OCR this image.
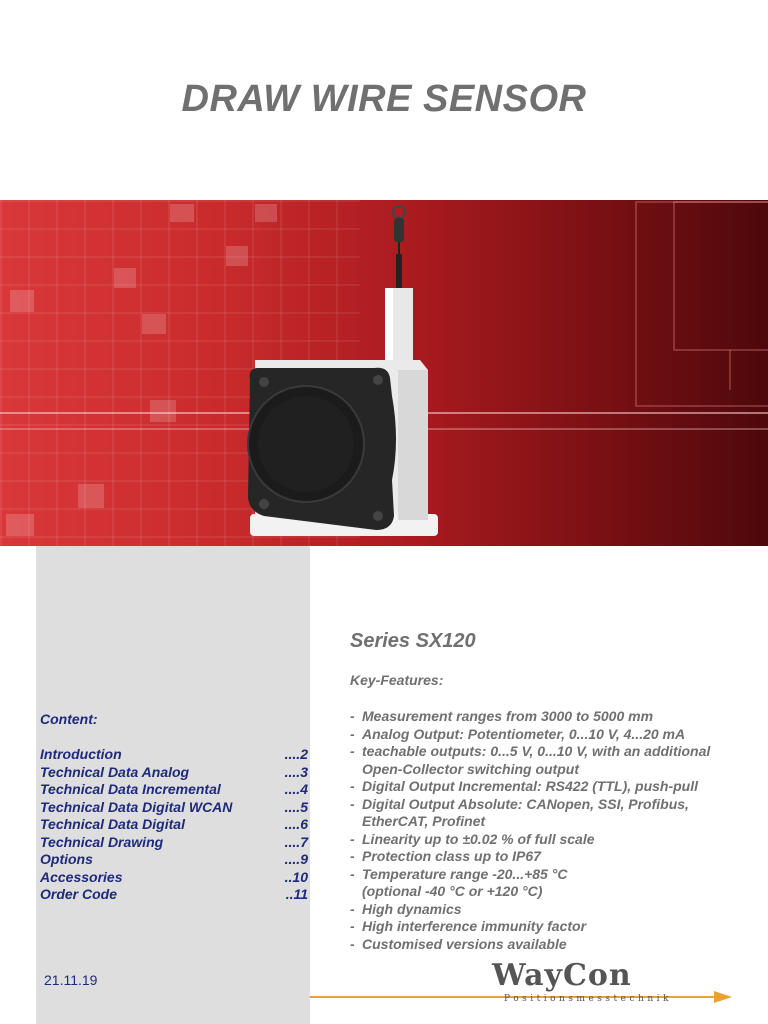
DRAW WIRE SENSOR
Content:
Introduction	....2
Technical Data Analog	....3
Technical Data Incremental	....4
Technical Data Digital WCAN	....5
Technical Data Digital	....6
Technical Drawing	....7
Options	....9
Accessories	..10
Order Code	..11
21.11.19
Series SX120
Key-Features:
- Measurement ranges from 3000 to 5000 mm
- Analog Output: Potentiometer, 0...10 V, 4...20 mA
- teachable outputs: 0...5 V, 0...10 V, with an additional
Open-Collector switching output
- Digital Output Incremental: RS422 (TTL), push-pull
- Digital Output Absolute: CANopen, SSI, Profibus,
EtherCAT, Profinet
- Linearity up to ±0.02 % of full scale
- Protection class up to IP67
- Temperature range -20...+85 °C
(optional -40 °C or +120 °C)
- High dynamics
- High interference immunity factor
- Customised versions available
WayCon
Positionsmesstechnik
